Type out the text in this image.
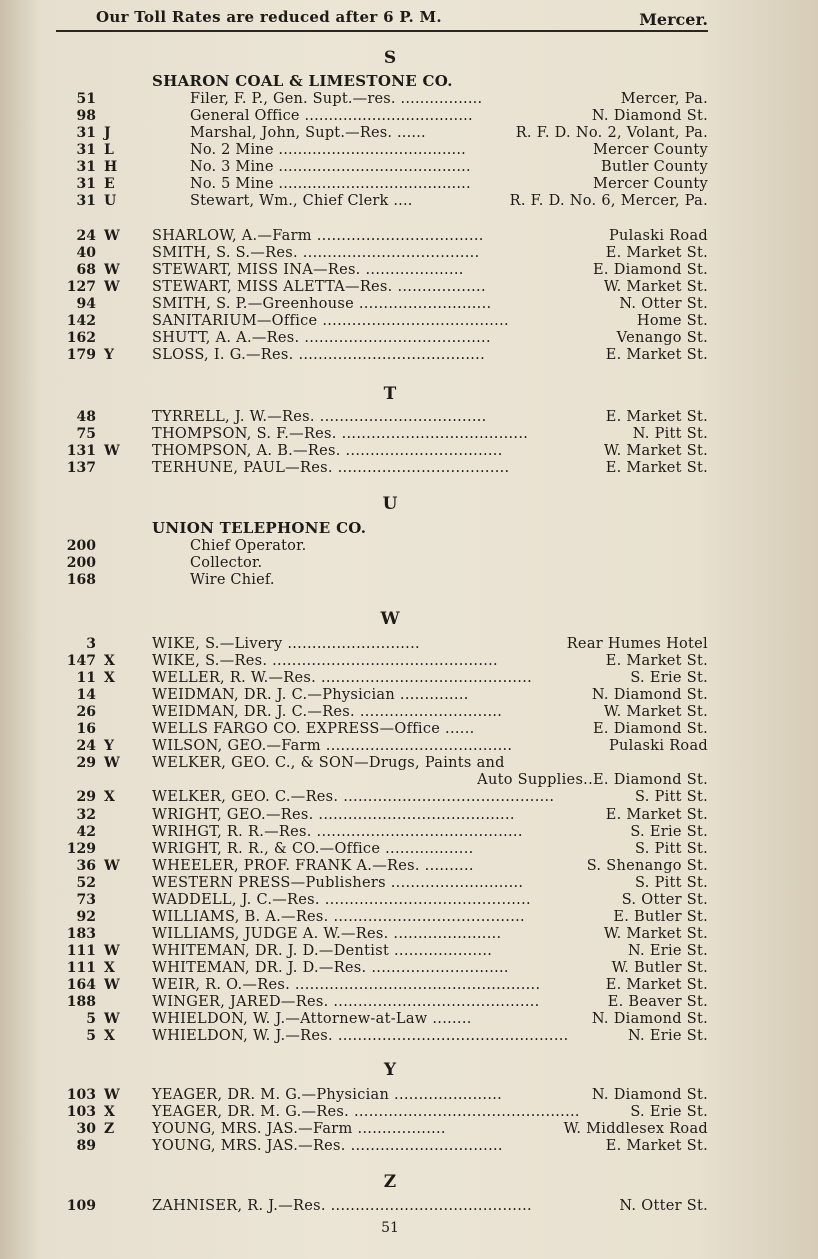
Our Toll Rates are reduced after 6 P. M.	Mercer.
S
SHARON COAL & LIMESTONE CO.
51	Filer, F. P., Gen. Supt.—res. .................	Mercer, Pa.
98	General Office ...................................	N. Diamond St.
31 J	Marshal, John, Supt.—Res. ......	R. F. D. No. 2, Volant, Pa.
31 L	No. 2 Mine .......................................	Mercer County
31 H	No. 3 Mine ........................................	Butler County
31 E	No. 5 Mine ........................................	Mercer County
31 U	Stewart, Wm., Chief Clerk ....	R. F. D. No. 6, Mercer, Pa.
24 W SHARLOW, A.—Farm ..................................	Pulaski Road
40	SMITH, S. S.—Res. ....................................	E. Market St.
68 W STEWART, MISS INA—Res. ....................	E. Diamond St.
127 W STEWART, MISS ALETTA—Res. ..................	W. Market St.
94	SMITH, S. P.—Greenhouse ...........................	N. Otter St.
142	SANITARIUM—Office ......................................	Home St.
162	SHUTT, A. A.—Res. ......................................	Venango St.
179 Y	SLOSS, I. G.—Res. ......................................	E. Market St.
T
48	TYRRELL, J. W.—Res. ..................................	E. Market St.
75	THOMPSON, S. F.—Res. ......................................	N. Pitt St.
131 W THOMPSON, A. B.—Res. ................................	W. Market St.
137	TERHUNE, PAUL—Res. ...................................	E. Market St.
U
UNION TELEPHONE CO.
200	Chief Operator.
200	Collector.
168	Wire Chief.
W
3	WIKE, S.—Livery ...........................	Rear Humes Hotel
147 X	WIKE, S.—Res. ..............................................	E. Market St.
11 X	WELLER, R. W.—Res. ...........................................	S. Erie St.
14	WEIDMAN, DR. J. C.—Physician ..............	N. Diamond St.
26	WEIDMAN, DR. J. C.—Res. .............................	W. Market St.
16	WELLS FARGO CO. EXPRESS—Office ......	E. Diamond St.
24 Y	WILSON, GEO.—Farm ......................................	Pulaski Road
29 W WELKER, GEO. C., & SON—Drugs, Paints and
Auto Supplies..E. Diamond St.
29 X	WELKER, GEO. C.—Res. ...........................................	S. Pitt St.
32	WRIGHT, GEO.—Res. ........................................	E. Market St.
42	WRIHGT, R. R.—Res. ..........................................	S. Erie St.
129	WRIGHT, R. R., & CO.—Office ..................	S. Pitt St.
36 W WHEELER, PROF. FRANK A.—Res. ..........	S. Shenango St.
52	WESTERN PRESS—Publishers ...........................	S. Pitt St.
73	WADDELL, J. C.—Res. ..........................................	S. Otter St.
92	WILLIAMS, B. A.—Res. .......................................	E. Butler St.
183	WILLIAMS, JUDGE A. W.—Res. ......................	W. Market St.
111 W WHITEMAN, DR. J. D.—Dentist ....................	N. Erie St.
111 X	WHITEMAN, DR. J. D.—Res. ............................	W. Butler St.
164 W WEIR, R. O.—Res. ..................................................	E. Market St.
188	WINGER, JARED—Res. ..........................................	E. Beaver St.
5 W WHIELDON, W. J.—Attornew-at-Law ........	N. Diamond St.
5 X	WHIELDON, W. J.—Res. ...............................................	N. Erie St.
Y
103 W YEAGER, DR. M. G.—Physician ......................	N. Diamond St.
103 X	YEAGER, DR. M. G.—Res. ..............................................	S. Erie St.
30 Z	YOUNG, MRS. JAS.—Farm ..................	W. Middlesex Road
89	YOUNG, MRS. JAS.—Res. ...............................	E. Market St.
Z
109	ZAHNISER, R. J.—Res. .........................................	N. Otter St.
51
